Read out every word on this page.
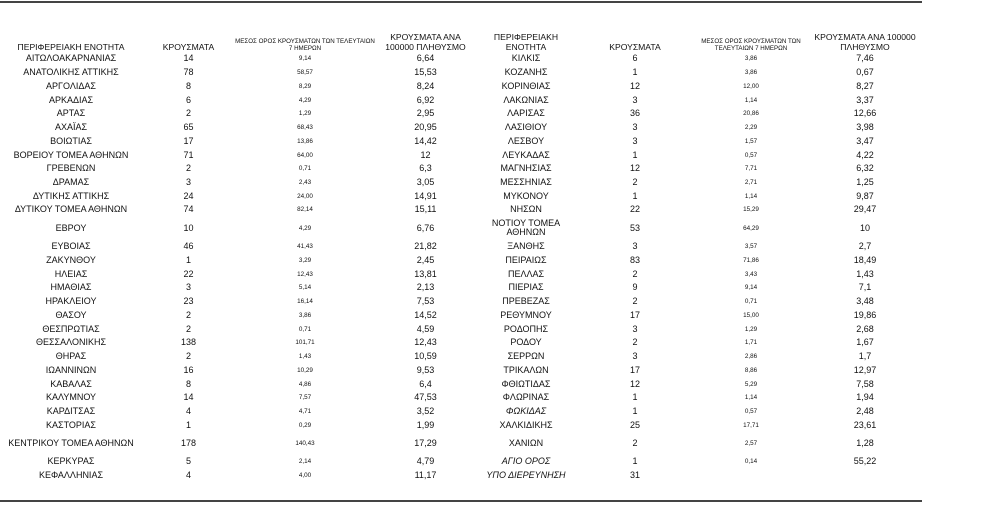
ΠΕΡΙΦΕΡΕΙΑΚΗ ΕΝΟΤΗΤΑ	ΚΡΟΥΣΜΑΤΑ	ΜΕΣΟΣ ΟΡΟΣ ΚΡΟΥΣΜΑΤΩΝ ΤΩΝ ΤΕΛΕΥΤΑΙΩΝ 7 ΗΜΕΡΩΝ	ΚΡΟΥΣΜΑΤΑ ΑΝΑ 100000 ΠΛΗΘΥΣΜΟ	ΠΕΡΙΦΕΡΕΙΑΚΗ ΕΝΟΤΗΤΑ	ΚΡΟΥΣΜΑΤΑ	ΜΕΣΟΣ ΟΡΟΣ ΚΡΟΥΣΜΑΤΩΝ ΤΩΝ ΤΕΛΕΥΤΑΙΩΝ 7 ΗΜΕΡΩΝ	ΚΡΟΥΣΜΑΤΑ ΑΝΑ 100000 ΠΛΗΘΥΣΜΟ
ΑΙΤΩΛΟΑΚΑΡΝΑΝΙΑΣ	14	9,14	6,64	ΚΙΛΚΙΣ	6	3,86	7,46
ΑΝΑΤΟΛΙΚΗΣ ΑΤΤΙΚΗΣ	78	58,57	15,53	ΚΟΖΑΝΗΣ	1	3,86	0,67
ΑΡΓΟΛΙΔΑΣ	8	8,29	8,24	ΚΟΡΙΝΘΙΑΣ	12	12,00	8,27
ΑΡΚΑΔΙΑΣ	6	4,29	6,92	ΛΑΚΩΝΙΑΣ	3	1,14	3,37
ΑΡΤΑΣ	2	1,29	2,95	ΛΑΡΙΣΑΣ	36	20,86	12,66
ΑΧΑΪΑΣ	65	68,43	20,95	ΛΑΣΙΘΙΟΥ	3	2,29	3,98
ΒΟΙΩΤΙΑΣ	17	13,86	14,42	ΛΕΣΒΟΥ	3	1,57	3,47
ΒΟΡΕΙΟΥ ΤΟΜΕΑ ΑΘΗΝΩΝ	71	64,00	12	ΛΕΥΚΑΔΑΣ	1	0,57	4,22
ΓΡΕΒΕΝΩΝ	2	0,71	6,3	ΜΑΓΝΗΣΙΑΣ	12	7,71	6,32
ΔΡΑΜΑΣ	3	2,43	3,05	ΜΕΣΣΗΝΙΑΣ	2	2,71	1,25
ΔΥΤΙΚΗΣ ΑΤΤΙΚΗΣ	24	24,00	14,91	ΜΥΚΟΝΟΥ	1	1,14	9,87
ΔΥΤΙΚΟΥ ΤΟΜΕΑ ΑΘΗΝΩΝ	74	82,14	15,11	ΝΗΣΩΝ	22	15,29	29,47
ΕΒΡΟΥ	10	4,29	6,76	ΝΟΤΙΟΥ ΤΟΜΕΑ ΑΘΗΝΩΝ	53	64,29	10
ΕΥΒΟΙΑΣ	46	41,43	21,82	ΞΑΝΘΗΣ	3	3,57	2,7
ΖΑΚΥΝΘΟΥ	1	3,29	2,45	ΠΕΙΡΑΙΩΣ	83	71,86	18,49
ΗΛΕΙΑΣ	22	12,43	13,81	ΠΕΛΛΑΣ	2	3,43	1,43
ΗΜΑΘΙΑΣ	3	5,14	2,13	ΠΙΕΡΙΑΣ	9	9,14	7,1
ΗΡΑΚΛΕΙΟΥ	23	16,14	7,53	ΠΡΕΒΕΖΑΣ	2	0,71	3,48
ΘΑΣΟΥ	2	3,86	14,52	ΡΕΘΥΜΝΟΥ	17	15,00	19,86
ΘΕΣΠΡΩΤΙΑΣ	2	0,71	4,59	ΡΟΔΟΠΗΣ	3	1,29	2,68
ΘΕΣΣΑΛΟΝΙΚΗΣ	138	101,71	12,43	ΡΟΔΟΥ	2	1,71	1,67
ΘΗΡΑΣ	2	1,43	10,59	ΣΕΡΡΩΝ	3	2,86	1,7
ΙΩΑΝΝΙΝΩΝ	16	10,29	9,53	ΤΡΙΚΑΛΩΝ	17	8,86	12,97
ΚΑΒΑΛΑΣ	8	4,86	6,4	ΦΘΙΩΤΙΔΑΣ	12	5,29	7,58
ΚΑΛΥΜΝΟΥ	14	7,57	47,53	ΦΛΩΡΙΝΑΣ	1	1,14	1,94
ΚΑΡΔΙΤΣΑΣ	4	4,71	3,52	ΦΩΚΙΔΑΣ	1	0,57	2,48
ΚΑΣΤΟΡΙΑΣ	1	0,29	1,99	ΧΑΛΚΙΔΙΚΗΣ	25	17,71	23,61
ΚΕΝΤΡΙΚΟΥ ΤΟΜΕΑ ΑΘΗΝΩΝ	178	140,43	17,29	ΧΑΝΙΩΝ	2	2,57	1,28
ΚΕΡΚΥΡΑΣ	5	2,14	4,79	ΑΓΙΟ ΟΡΟΣ	1	0,14	55,22
ΚΕΦΑΛΛΗΝΙΑΣ	4	4,00	11,17	ΥΠΟ ΔΙΕΡΕΥΝΗΣΗ	31		
